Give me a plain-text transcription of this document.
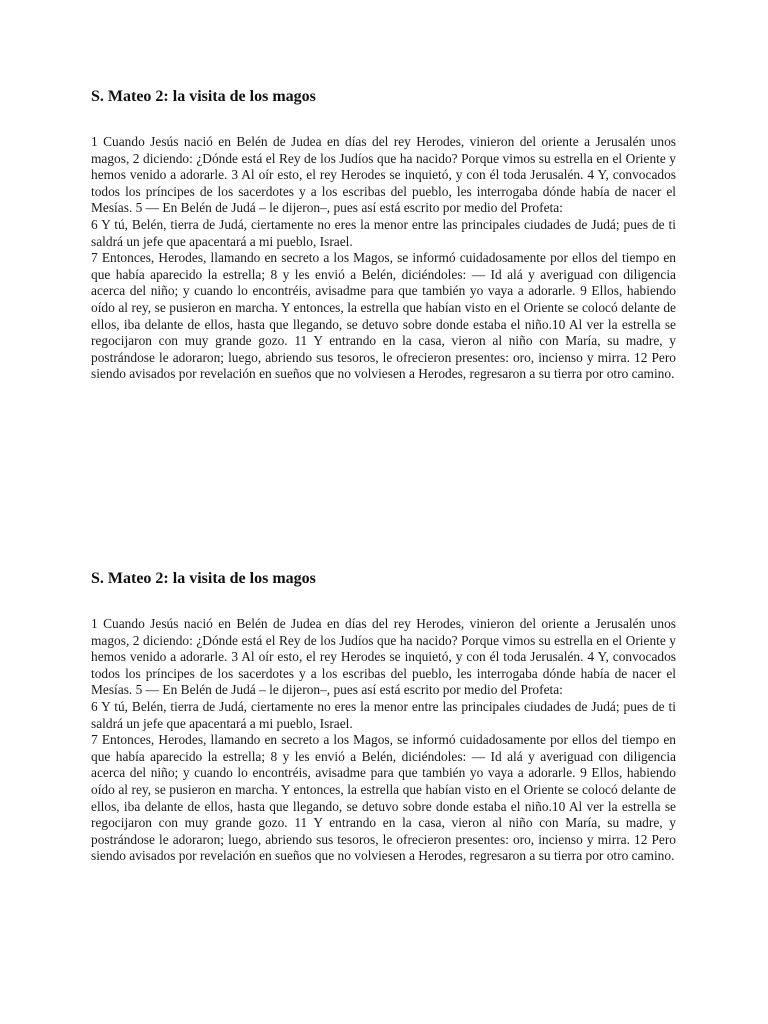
S. Mateo 2: la visita de los magos

1 Cuando Jesús nació en Belén de Judea en días del rey Herodes, vinieron del oriente a Jerusalén unos magos, 2 diciendo: ¿Dónde está el Rey de los Judíos que ha nacido? Porque vimos su estrella en el Oriente y hemos venido a adorarle. 3 Al oír esto, el rey Herodes se inquietó, y con él toda Jerusalén. 4 Y, convocados todos los príncipes de los sacerdotes y a los escribas del pueblo, les interrogaba dónde había de nacer el Mesías. 5 — En Belén de Judá – le dijeron–, pues así está escrito por medio del Profeta:

6 Y tú, Belén, tierra de Judá, ciertamente no eres la menor entre las principales ciudades de Judá; pues de ti saldrá un jefe que apacentará a mi pueblo, Israel.

7 Entonces, Herodes, llamando en secreto a los Magos, se informó cuidadosamente por ellos del tiempo en que había aparecido la estrella; 8 y les envió a Belén, diciéndoles: — Id alá y averiguad con diligencia acerca del niño; y cuando lo encontréis, avisadme para que también yo vaya a adorarle. 9 Ellos, habiendo oído al rey, se pusieron en marcha. Y entonces, la estrella que habían visto en el Oriente se colocó delante de ellos, iba delante de ellos, hasta que llegando, se detuvo sobre donde estaba el niño.10 Al ver la estrella se regocijaron con muy grande gozo. 11 Y entrando en la casa, vieron al niño con María, su madre, y postrándose le adoraron; luego, abriendo sus tesoros, le ofrecieron presentes: oro, incienso y mirra. 12 Pero siendo avisados por revelación en sueños que no volviesen a Herodes, regresaron a su tierra por otro camino.

S. Mateo 2: la visita de los magos

1 Cuando Jesús nació en Belén de Judea en días del rey Herodes, vinieron del oriente a Jerusalén unos magos, 2 diciendo: ¿Dónde está el Rey de los Judíos que ha nacido? Porque vimos su estrella en el Oriente y hemos venido a adorarle. 3 Al oír esto, el rey Herodes se inquietó, y con él toda Jerusalén. 4 Y, convocados todos los príncipes de los sacerdotes y a los escribas del pueblo, les interrogaba dónde había de nacer el Mesías. 5 — En Belén de Judá – le dijeron–, pues así está escrito por medio del Profeta:

6 Y tú, Belén, tierra de Judá, ciertamente no eres la menor entre las principales ciudades de Judá; pues de ti saldrá un jefe que apacentará a mi pueblo, Israel.

7 Entonces, Herodes, llamando en secreto a los Magos, se informó cuidadosamente por ellos del tiempo en que había aparecido la estrella; 8 y les envió a Belén, diciéndoles: — Id alá y averiguad con diligencia acerca del niño; y cuando lo encontréis, avisadme para que también yo vaya a adorarle. 9 Ellos, habiendo oído al rey, se pusieron en marcha. Y entonces, la estrella que habían visto en el Oriente se colocó delante de ellos, iba delante de ellos, hasta que llegando, se detuvo sobre donde estaba el niño.10 Al ver la estrella se regocijaron con muy grande gozo. 11 Y entrando en la casa, vieron al niño con María, su madre, y postrándose le adoraron; luego, abriendo sus tesoros, le ofrecieron presentes: oro, incienso y mirra. 12 Pero siendo avisados por revelación en sueños que no volviesen a Herodes, regresaron a su tierra por otro camino.
